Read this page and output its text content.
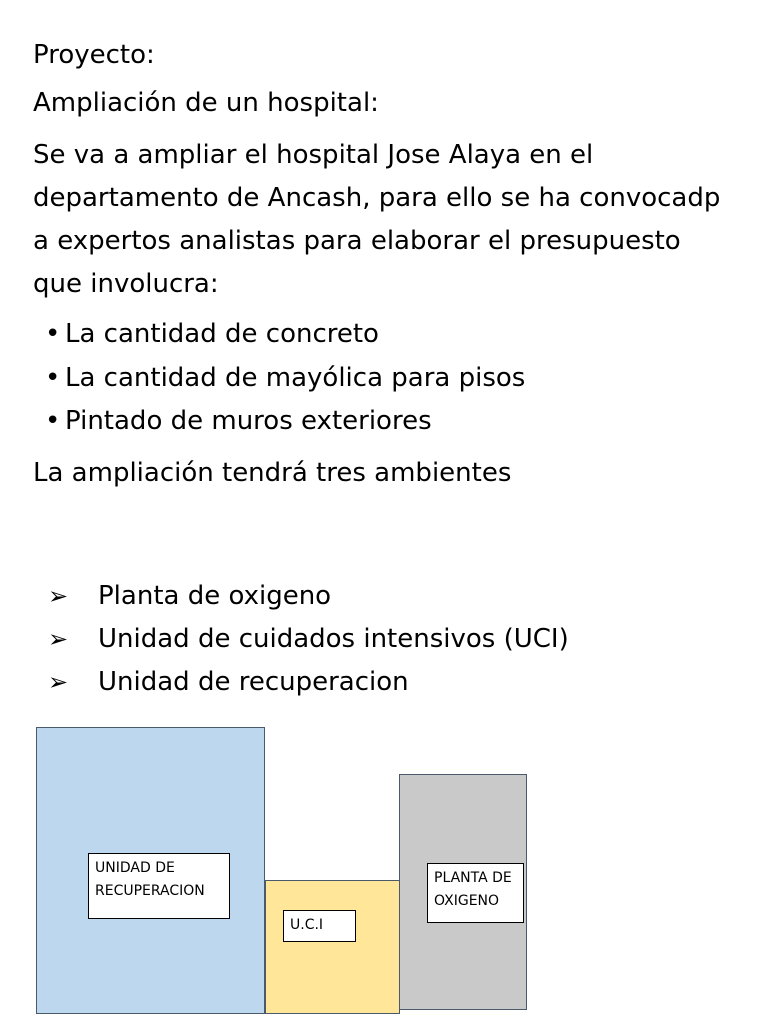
Proyecto:
Ampliación de un hospital:
Se va a ampliar el hospital Jose Alaya en el
departamento de Ancash, para ello se ha convocadp
a expertos analistas para elaborar el presupuesto
que involucra:
• La cantidad de concreto
• La cantidad de mayólica para pisos
• Pintado de muros exteriores
La ampliación tendrá tres ambientes
➢ Planta de oxigeno
➢ Unidad de cuidados intensivos (UCI)
➢ Unidad de recuperacion
UNIDAD DE
RECUPERACION
U.C.I
PLANTA DE
OXIGENO
